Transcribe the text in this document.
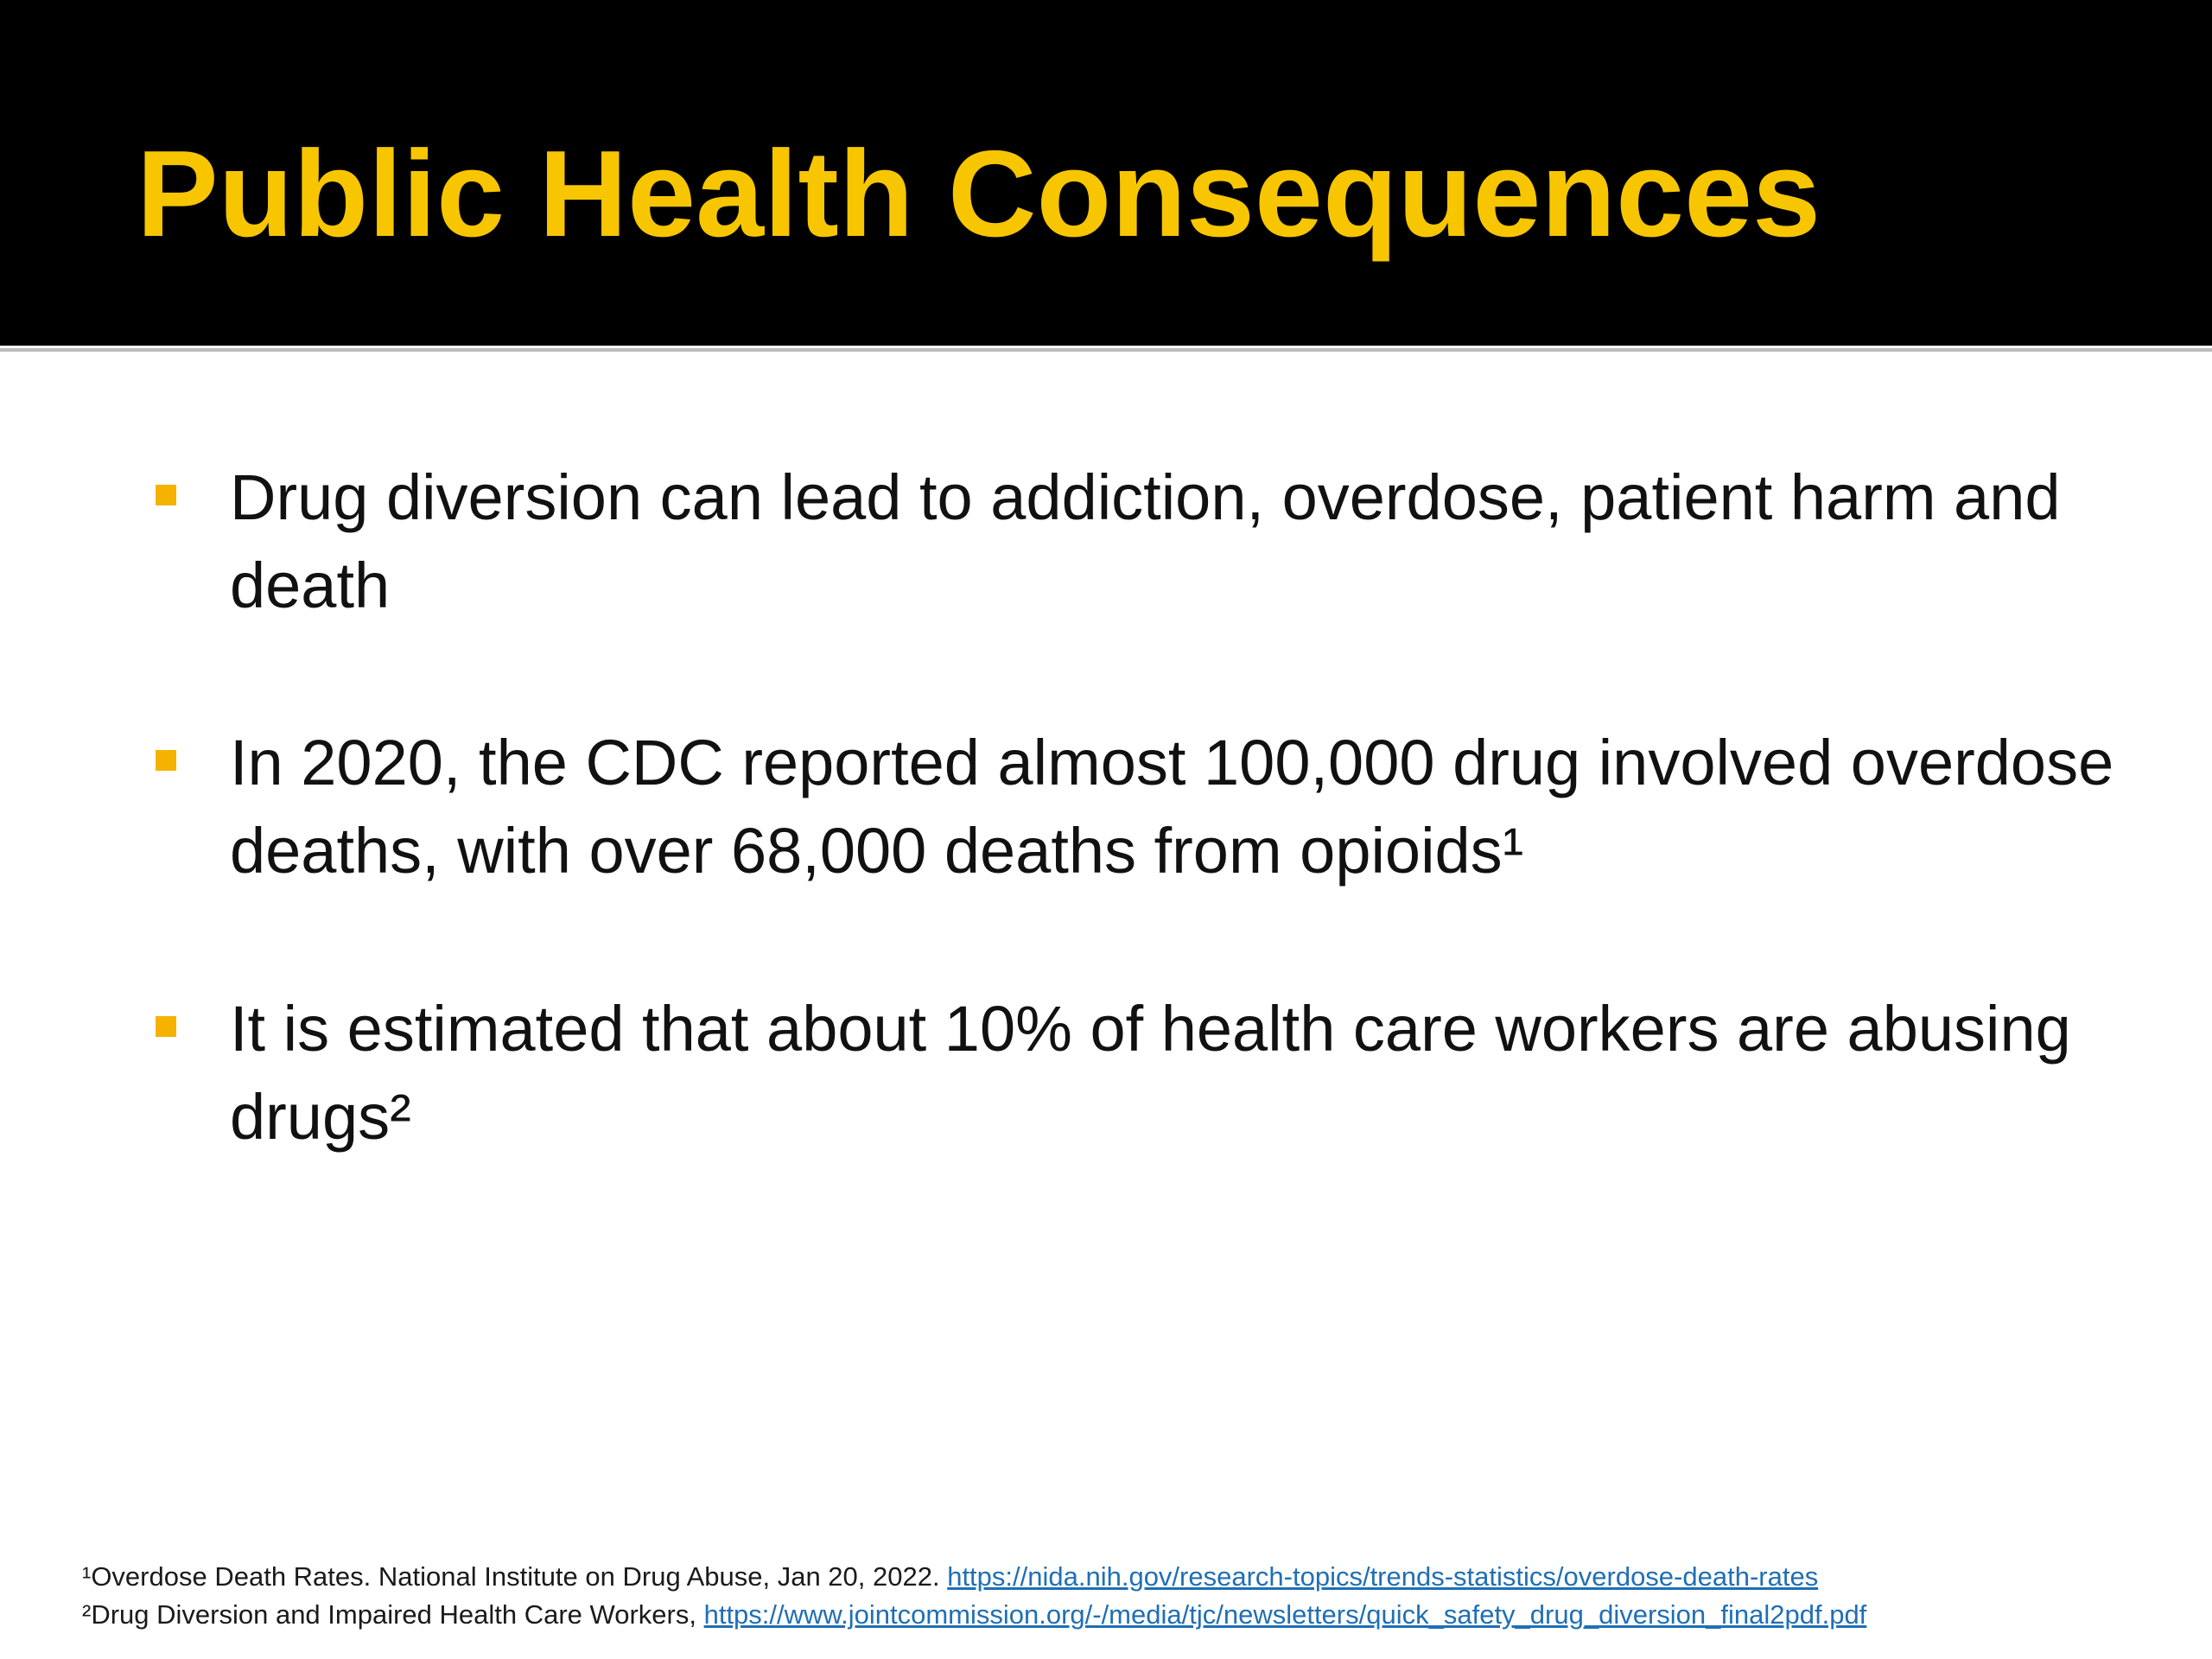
Public Health Consequences
Drug diversion can lead to addiction, overdose, patient harm and death
In 2020, the CDC reported almost 100,000 drug involved overdose deaths, with over 68,000 deaths from opioids¹
It is estimated that about 10% of health care workers are abusing drugs²
¹Overdose Death Rates. National Institute on Drug Abuse, Jan 20, 2022. https://nida.nih.gov/research-topics/trends-statistics/overdose-death-rates
²Drug Diversion and Impaired Health Care Workers, https://www.jointcommission.org/-/media/tjc/newsletters/quick_safety_drug_diversion_final2pdf.pdf
